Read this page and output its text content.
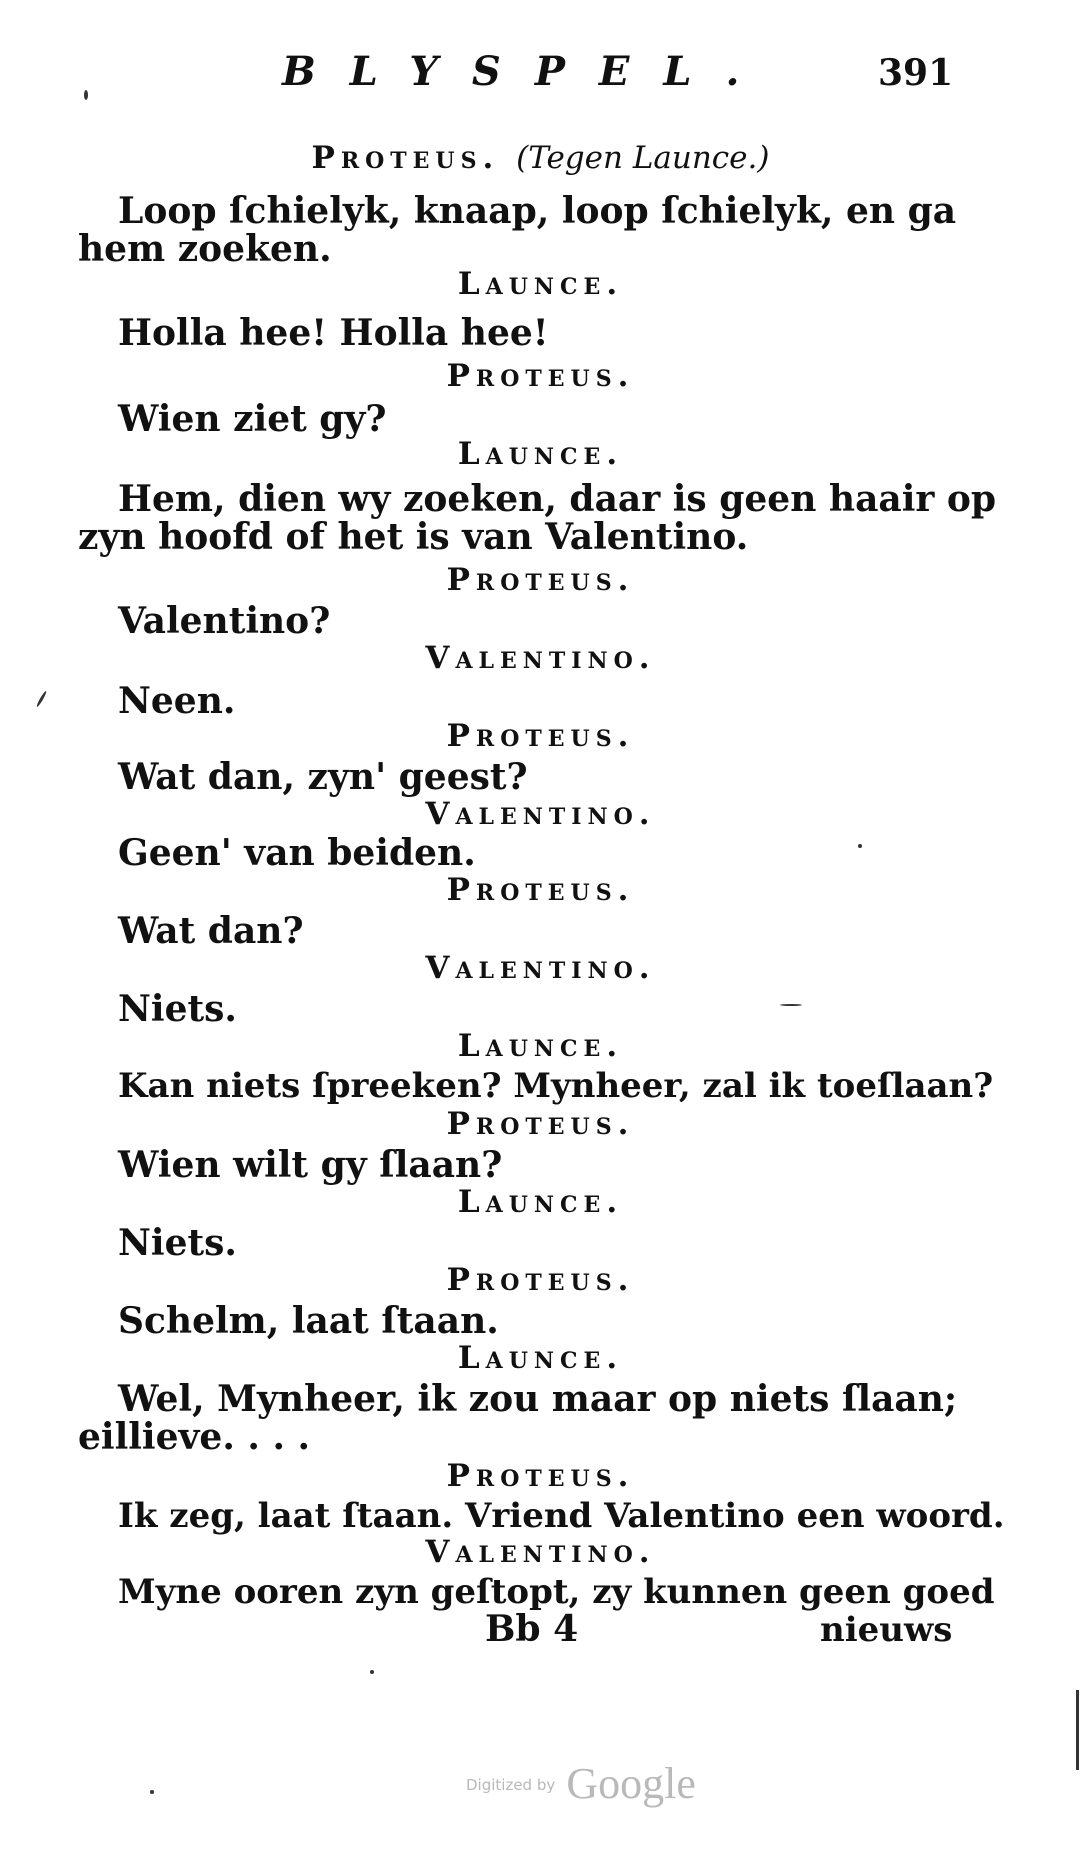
BLYSPEL.	391
Proteus. (Tegen Launce.)
Loop ſchielyk, knaap, loop ſchielyk, en ga
hem zoeken.
Launce.
Holla hee! Holla hee!
Proteus.
Wien ziet gy?
Launce.
Hem, dien wy zoeken, daar is geen haair op
zyn hoofd of het is van Valentino.
Proteus.
Valentino?
Valentino.
Neen.
Proteus.
Wat dan, zyn' geest?
Valentino.
Geen' van beiden.
Proteus.
Wat dan?
Valentino.
Niets.
Launce.
Kan niets ſpreeken? Mynheer, zal ik toeſlaan?
Proteus.
Wien wilt gy ſlaan?
Launce.
Niets.
Proteus.
Schelm, laat ſtaan.
Launce.
Wel, Mynheer, ik zou maar op niets ſlaan;
eillieve. . . .
Proteus.
Ik zeg, laat ſtaan. Vriend Valentino een woord.
Valentino.
Myne ooren zyn geſtopt, zy kunnen geen goed
Bb 4	nieuws
Digitized by Google
